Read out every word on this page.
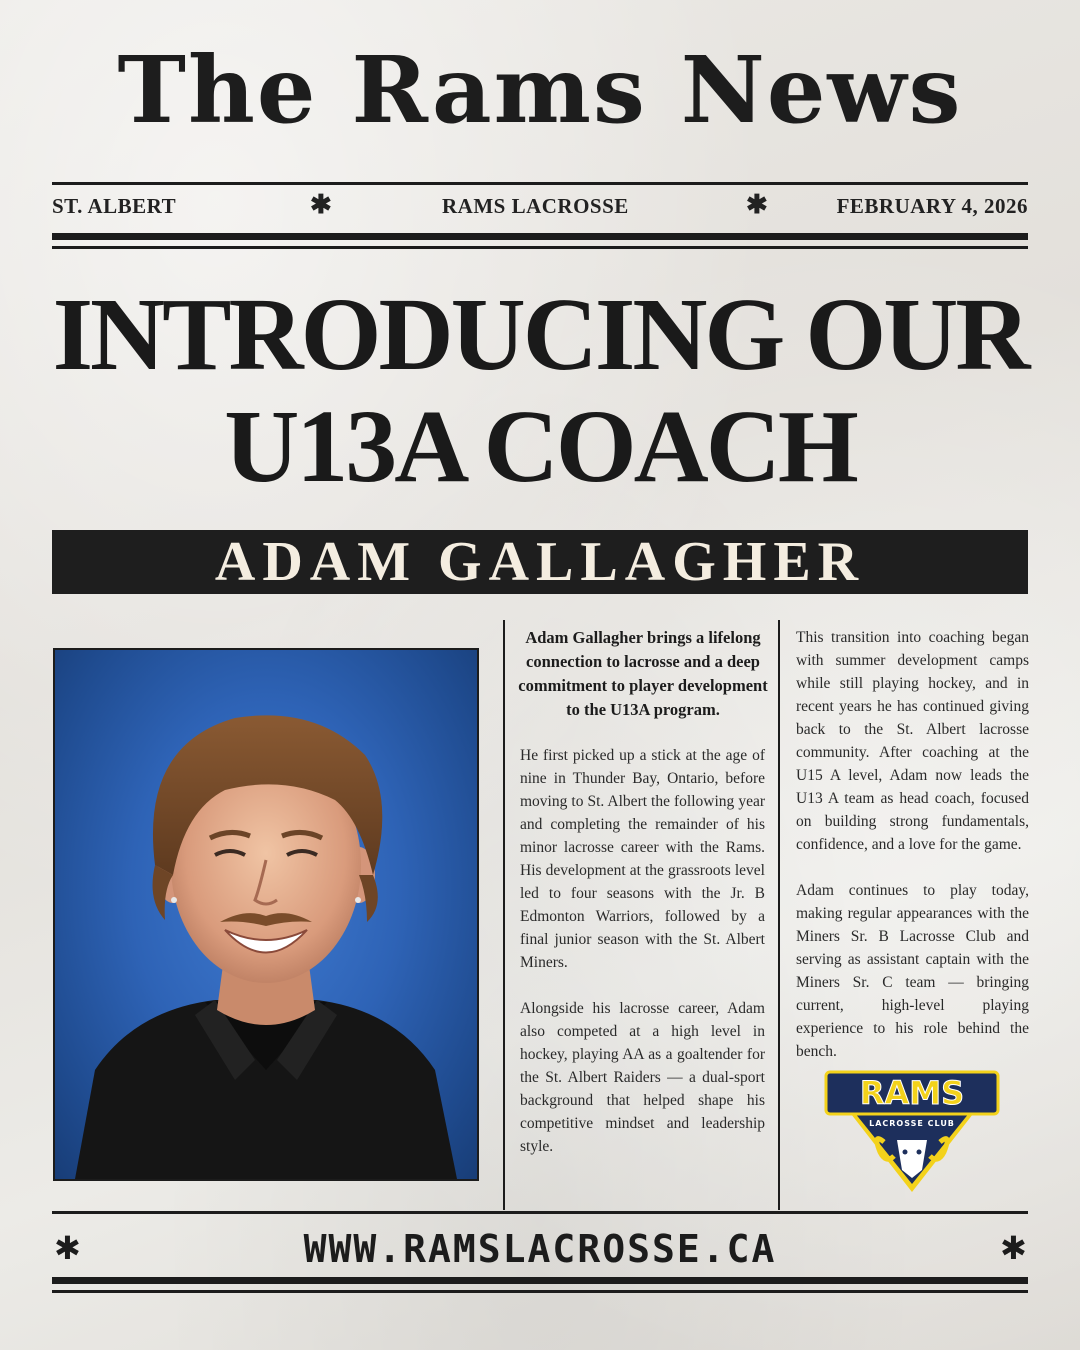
The Rams News
ST. ALBERT	✱	RAMS LACROSSE	✱	FEBRUARY 4, 2026
INTRODUCING OUR
U13A COACH
ADAM GALLAGHER

Adam Gallagher brings a lifelong connection to lacrosse and a deep commitment to player development to the U13A program.

He first picked up a stick at the age of nine in Thunder Bay, Ontario, before moving to St. Albert the following year and completing the remainder of his minor lacrosse career with the Rams. His development at the grassroots level led to four seasons with the Jr. B Edmonton Warriors, followed by a final junior season with the St. Albert Miners.

Alongside his lacrosse career, Adam also competed at a high level in hockey, playing AA as a goaltender for the St. Albert Raiders — a dual-sport background that helped shape his competitive mindset and leadership style.

This transition into coaching began with summer development camps while still playing hockey, and in recent years he has continued giving back to the St. Albert lacrosse community. After coaching at the U15 A level, Adam now leads the U13 A team as head coach, focused on building strong fundamentals, confidence, and a love for the game.

Adam continues to play today, making regular appearances with the Miners Sr. B Lacrosse Club and serving as assistant captain with the Miners Sr. C team — bringing current, high-level playing experience to his role behind the bench.

RAMS
LACROSSE CLUB
✱	WWW.RAMSLACROSSE.CA	✱
